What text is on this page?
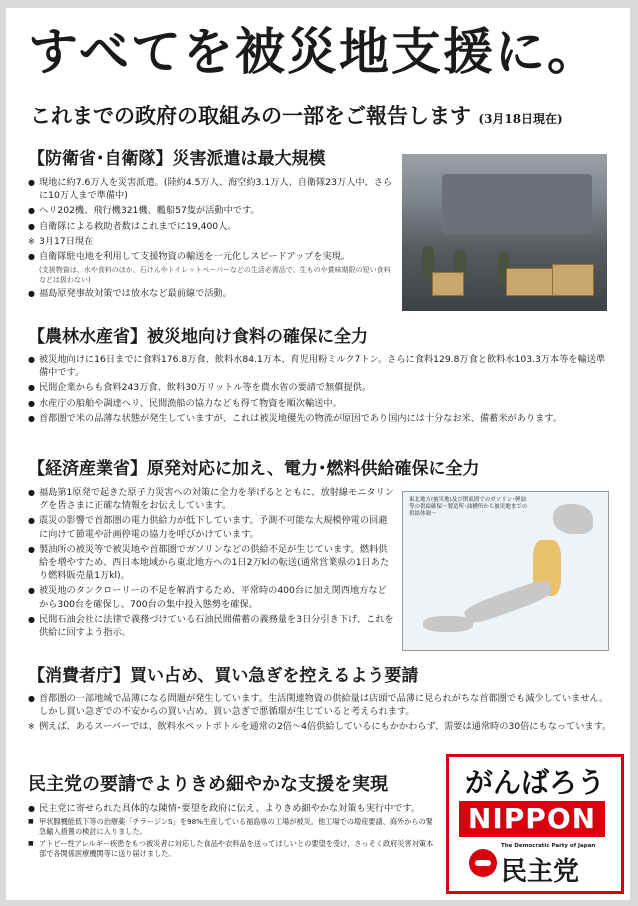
すべてを被災地支援に。
これまでの政府の取組みの一部をご報告します (3月18日現在)
【防衛省･自衛隊】災害派遣は最大規模
● 現地に約7.6万人を災害派遣。(陸約4.5万人、海空約3.1万人、自衛隊23万人中、さらに10万人まで準備中)
● ヘリ202機、飛行機321機、艦船57隻が活動中です。
● 自衛隊による救助者数はこれまでに19,400人。
※ 3月17日現在
● 自衛隊駐屯地を利用して支援物資の輸送を一元化しスピードアップを実現。
(支援物資は、水や食料のほか、石けんやトイレットペーパーなどの生活必需品で、生ものや賞味期限の短い食料などは扱わない)
● 福島原発事故対策では放水など最前線で活動。
【農林水産省】被災地向け食料の確保に全力
● 被災地向けに16日までに食料176.8万食、飲料水84.1万本、育児用粉ミルク7トン。さらに食料129.8万食と飲料水103.3万本等を輸送準備中です。
● 民間企業からも食料243万食、飲料30万リットル等を農水省の要請で無償提供。
● 水産庁の船舶や調達ヘリ、民間漁船の協力なども得て物資を順次輸送中。
● 首都圏で米の品薄な状態が発生していますが、これは被災地優先の物流が原因であり国内には十分なお米、備蓄米があります。
【経済産業省】原発対応に加え、電力･燃料供給確保に全力
● 福島第1原発で起きた原子力災害への対策に全力を挙げるとともに、放射線モニタリングを皆さまに正確な情報をお伝えしています。
● 震災の影響で首都圏の電力供給力が低下しています。予測不可能な大規模停電の回避に向けて節電や計画停電の協力を呼びかけています。
● 製油所の被災等で被災地や首都圏でガソリンなどの供給不足が生じています。燃料供給を増やすため、西日本地域から東北地方への1日2万klの転送(通常営業県の1日あたり燃料販売量1万kl)。
● 被災地のタンクローリーの不足を解消するため、平常時の400台に加え関西地方などから300台を確保し、700台の集中投入態勢を確保。
● 民間石油会社に法律で義務づけている石油民間備蓄の義務量を3日分引き下げ、これを供給に回すよう指示。
東北地方(被災地)及び関東圏でのガソリン･軽油等の供給確保～製造所･油槽所から被災地までの供給体制～
【消費者庁】買い占め、買い急ぎを控えるよう要請
● 首都圏の一部地域で品薄になる問題が発生しています。生活関連物資の供給量は店頭で品薄に見られがちな首都圏でも減少していません。しかし買い急ぎでの不安からの買い占め、買い急ぎで悪循環が生じていると考えられます。
※ 例えば、あるスーパーでは、飲料水ペットボトルを通常の2倍～4倍供給しているにもかかわらず、需要は通常時の30倍にもなっています。
民主党の要請でよりきめ細やかな支援を実現
● 民主党に寄せられた具体的な陳情･要望を政府に伝え、よりきめ細やかな対策も実行中です。
■ 甲状腺機能低下等の治療薬「チラージンS」を98%生産している福島県の工場が被災。他工場での増産要請、海外からの緊急輸入措置の検討に入りました。
■ アトピー性アレルギー疾患をもつ被災者に対応した食品や衣料品を送ってほしいとの要望を受け、さっそく政府災害対策本部で各関係医療機関等に送り届けました。
がんばろう
NIPPON
The Democratic Party of Japan
民主党
